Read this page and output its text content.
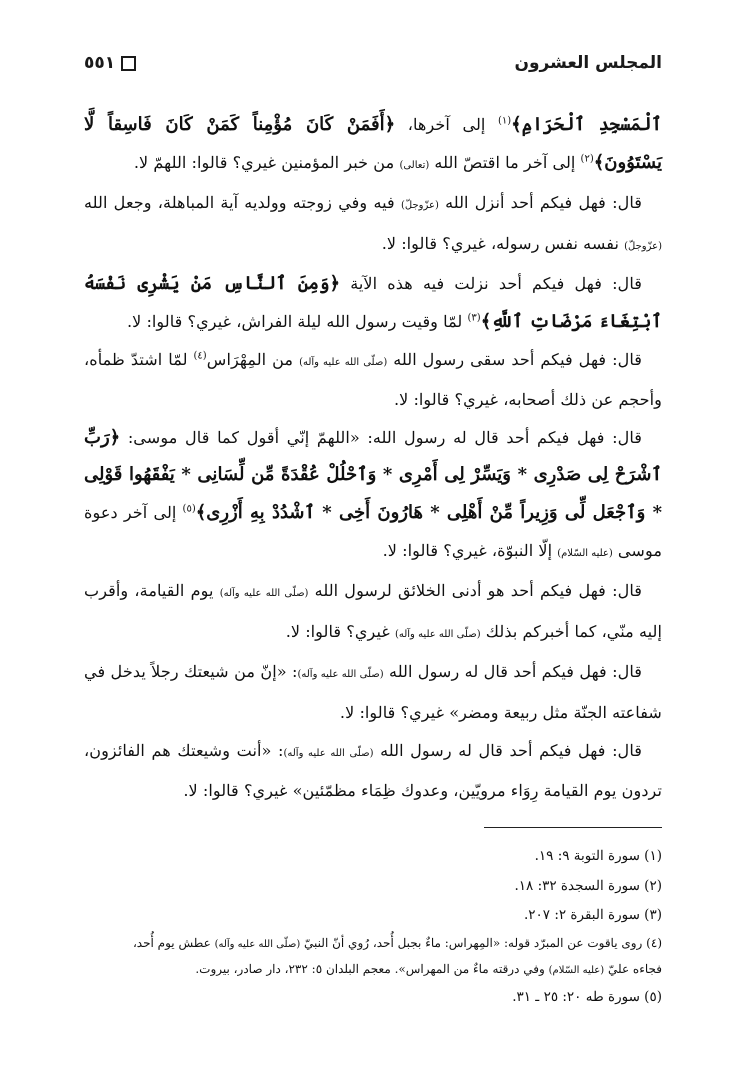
المجلس العشرون
٥٥١

ٱلْمَسْجِدِ ٱلْحَرَامِ﴾$^{(١)}$ إلى آخرها، ﴿أَفَمَنْ كَانَ مُؤْمِناً كَمَنْ كَانَ فَاسِقاً لَّا يَسْتَوُونَ﴾$^{(٢)}$ إلى آخر ما اقتصّ الله (تعالى) من خبر المؤمنين غيري؟ قالوا: اللهمّ لا.

قال: فهل فيكم أحد أنزل الله (عزّوجلّ) فيه وفي زوجته وولديه آية المباهلة، وجعل الله (عزّوجلّ) نفسه نفس رسوله، غيري؟ قالوا: لا.

قال: فهل فيكم أحد نزلت فيه هذه الآية ﴿وَمِنَ ٱلنَّاسِ مَنْ يَشْرِى نَفْسَهُ ٱبْتِغَاءَ مَرْضَاتِ ٱللَّهِ﴾$^{(٣)}$ لمّا وقيت رسول الله ليلة الفراش، غيري؟ قالوا: لا.

قال: فهل فيكم أحد سقى رسول الله (صلّى الله عليه وآله) من المِهْرَاس$^{(٤)}$ لمّا اشتدّ ظمأه، وأحجم عن ذلك أصحابه، غيري؟ قالوا: لا.

قال: فهل فيكم أحد قال له رسول الله: «اللهمّ إنّي أقول كما قال موسى: ﴿رَبِّ ٱشْرَحْ لِى صَدْرِى * وَيَسِّرْ لِى أَمْرِى * وَٱحْلُلْ عُقْدَةً مِّن لِّسَانِى * يَفْقَهُوا قَوْلِى * وَٱجْعَل لِّى وَزِيراً مِّنْ أَهْلِى * هَارُونَ أَخِى * ٱشْدُدْ بِهِ أَزْرِى﴾$^{(٥)}$ إلى آخر دعوة موسى (عليه السّلام) إلّا النبوّة، غيري؟ قالوا: لا.

قال: فهل فيكم أحد هو أدنى الخلائق لرسول الله (صلّى الله عليه وآله) يوم القيامة، وأقرب إليه منّي، كما أخبركم بذلك (صلّى الله عليه وآله) غيري؟ قالوا: لا.

قال: فهل فيكم أحد قال له رسول الله (صلّى الله عليه وآله): «إنّ من شيعتك رجلاً يدخل في شفاعته الجنّة مثل ربيعة ومضر» غيري؟ قالوا: لا.

قال: فهل فيكم أحد قال له رسول الله (صلّى الله عليه وآله): «أنت وشيعتك هم الفائزون، تردون يوم القيامة رِوَاء مرويّين، وعدوك ظِمَاء مظمّئين» غيري؟ قالوا: لا.

(١) سورة التوبة ٩: ١٩.

(٢) سورة السجدة ٣٢: ١٨.

(٣) سورة البقرة ٢: ٢٠٧.

(٤) روى ياقوت عن المبرّد قوله: «المِهراس: ماءٌ بجبل أُحد، رُوي أنّ النبيّ (صلّى الله عليه وآله) عطش يوم أُحد،
فجاءه عليّ (عليه السّلام) وفي درقته ماءٌ من المهراس». معجم البلدان ٥: ٢٣٢، دار صادر، بيروت.

(٥) سورة طه ٢٠: ٢٥ ـ ٣١.
